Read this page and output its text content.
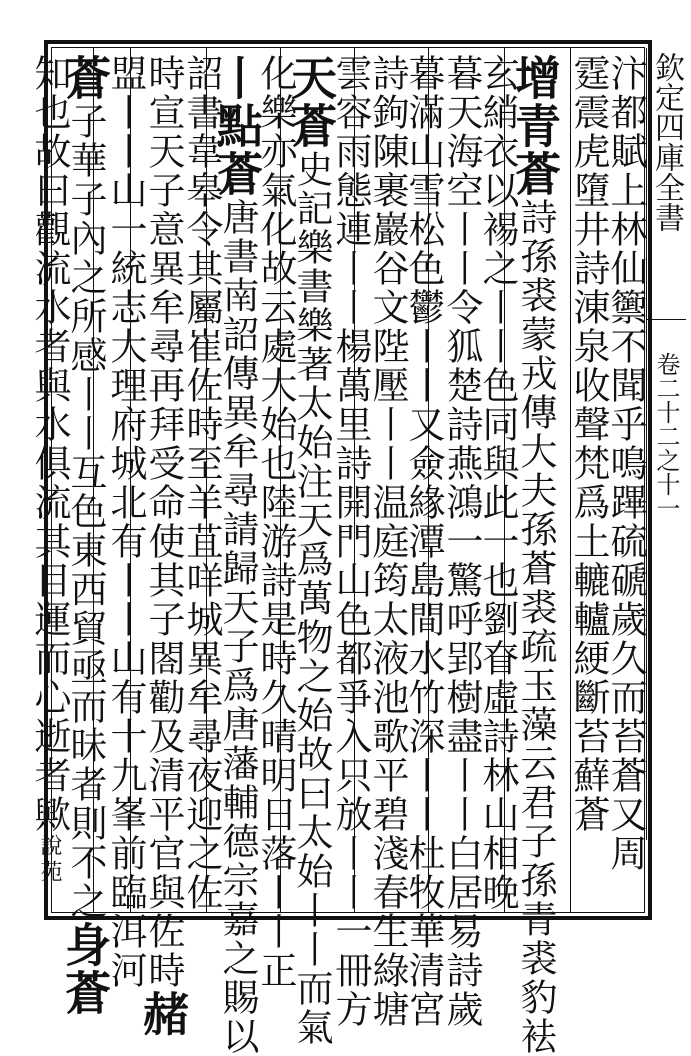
欽定四庫全書卷二十二之十一
汴都賦上林仙籞不聞乎鳴蹕硫磃歲久而苔蒼又周
霆震虎墮井詩涷泉收聲梵爲土轆轤綆斷苔蘚蒼
增青蒼詩孫裘蒙戎傳大夫孫蒼裘疏玉藻云君子孫青裘豹袪
玄綃衣以裼之丨丨色同與此一也劉眘虛詩林山相晚
暮天海空丨丨令狐楚詩燕鴻一驚呼郢樹盡丨丨白居易詩歲
暮滿山雪松色鬱丨丨又僉緣潭島間水竹深丨丨杜牧華清宮
詩鉤陳裹巖谷文陛壓丨丨温庭筠太液池歌平碧淺春生綠塘
雲容雨態連丨丨楊萬里詩開門山色都爭入只放丨丨一冊方
天蒼史記樂書樂著太始注天爲萬物之始故曰太始丨丨而氣
化樂亦氣化故云處大始也陸游詩是時久晴明日落丨丨正
丨點蒼唐書南詔傳異牟尋請歸天子爲唐藩輔德宗嘉之賜以
詔書韋皋令其屬崔佐時至羊苴咩城異牟尋夜迎之佐
時宣天子意異牟尋再拜受命使其子閤勸及清平官與佐時赭
盟丨丨山一統志大理府城北有丨丨山有十九峯前臨洱河
蒼子華子內之所感丨丨互色東西貿亟而昧者則不之身蒼
知也故曰觀流水者與水俱流其目運而心逝者歟說苑
